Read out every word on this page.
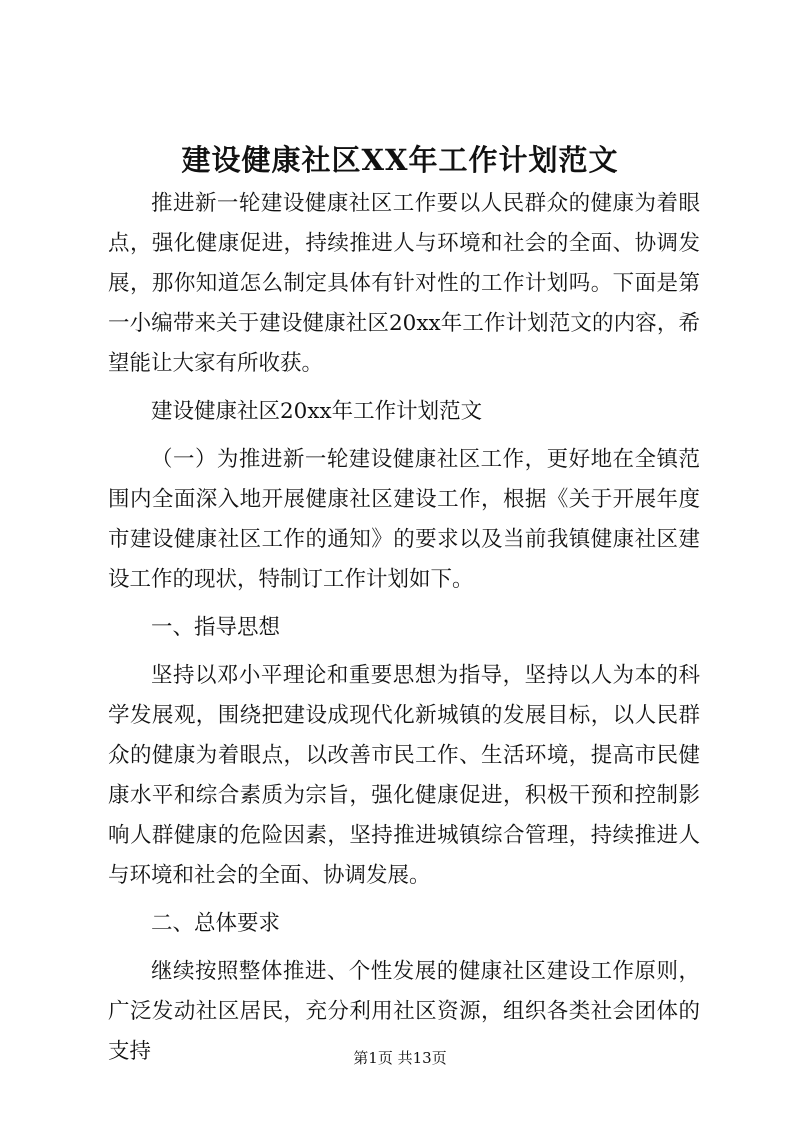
建设健康社区XX年工作计划范文

推进新一轮建设健康社区工作要以人民群众的健康为着眼点，强化健康促进，持续推进人与环境和社会的全面、协调发展，那你知道怎么制定具体有针对性的工作计划吗。下面是第一小编带来关于建设健康社区20xx年工作计划范文的内容，希望能让大家有所收获。

建设健康社区20xx年工作计划范文

（一）为推进新一轮建设健康社区工作，更好地在全镇范围内全面深入地开展健康社区建设工作，根据《关于开展年度市建设健康社区工作的通知》的要求以及当前我镇健康社区建设工作的现状，特制订工作计划如下。

一、指导思想

坚持以邓小平理论和重要思想为指导，坚持以人为本的科学发展观，围绕把建设成现代化新城镇的发展目标，以人民群众的健康为着眼点，以改善市民工作、生活环境，提高市民健康水平和综合素质为宗旨，强化健康促进，积极干预和控制影响人群健康的危险因素，坚持推进城镇综合管理，持续推进人与环境和社会的全面、协调发展。

二、总体要求

继续按照整体推进、个性发展的健康社区建设工作原则，广泛发动社区居民，充分利用社区资源，组织各类社会团体的支持	第1页 共13页
